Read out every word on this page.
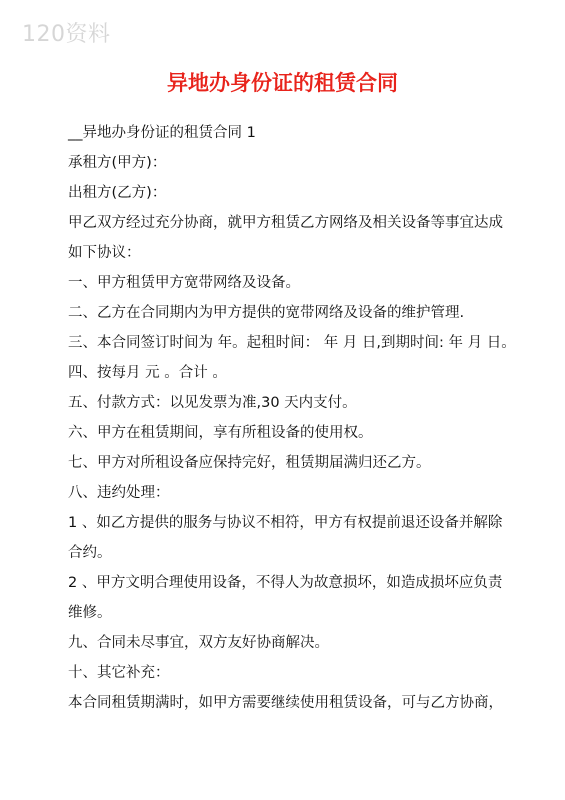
120资料
异地办身份证的租赁合同
__异地办身份证的租赁合同 1
承租方(甲方)：
出租方(乙方)：
甲乙双方经过充分协商，就甲方租赁乙方网络及相关设备等事宜达成
如下协议：
一、甲方租赁甲方宽带网络及设备。
二、乙方在合同期内为甲方提供的宽带网络及设备的维护管理.
三、本合同签订时间为 年。起租时间： 年 月 日,到期时间: 年 月 日。
四、按每月 元 。合计 。
五、付款方式：以见发票为准,30 天内支付。
六、甲方在租赁期间，享有所租设备的使用权。
七、甲方对所租设备应保持完好，租赁期届满归还乙方。
八、违约处理：
1 、如乙方提供的服务与协议不相符，甲方有权提前退还设备并解除
合约。
2 、甲方文明合理使用设备，不得人为故意损坏，如造成损坏应负责
维修。
九、合同未尽事宜，双方友好协商解决。
十、其它补充：
本合同租赁期满时，如甲方需要继续使用租赁设备，可与乙方协商，
